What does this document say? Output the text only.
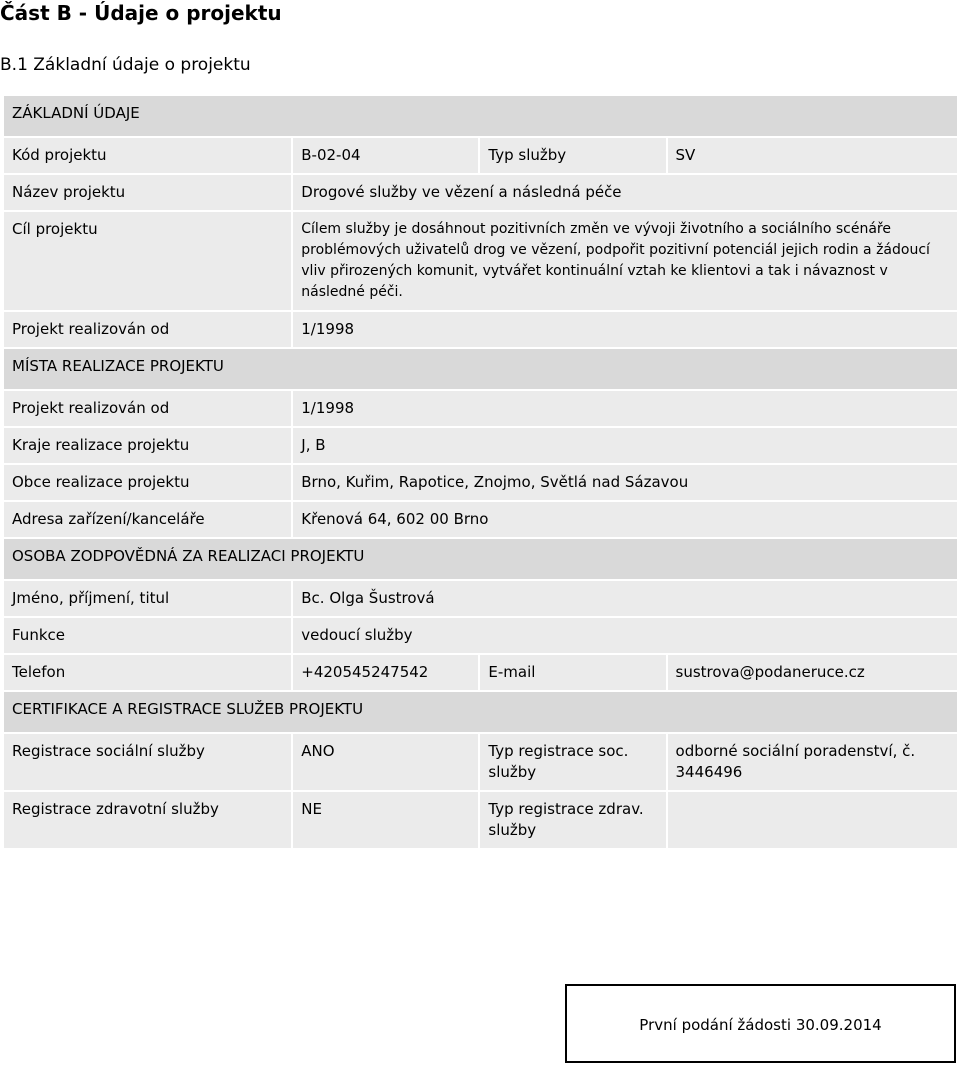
Část B - Údaje o projektu
B.1 Základní údaje o projektu
ZÁKLADNÍ ÚDAJE			
Kód projektu	B-02-04	Typ služby	SV
Název projektu	Drogové služby ve vězení a následná péče		
Cíl projektu	Cílem služby je dosáhnout pozitivních změn ve vývoji životního a sociálního scénáře problémových uživatelů drog ve vězení, podpořit pozitivní potenciál jejich rodin a žádoucí vliv přirozených komunit, vytvářet kontinuální vztah ke klientovi a tak i návaznost v následné péči.		
Projekt realizován od	1/1998		
MÍSTA REALIZACE PROJEKTU			
Projekt realizován od	1/1998		
Kraje realizace projektu	J, B		
Obce realizace projektu	Brno, Kuřim, Rapotice, Znojmo, Světlá nad Sázavou		
Adresa zařízení/kanceláře	Křenová 64, 602 00 Brno		
OSOBA ZODPOVĚDNÁ ZA REALIZACI PROJEKTU			
Jméno, příjmení, titul	Bc. Olga Šustrová		
Funkce	vedoucí služby		
Telefon	+420545247542	E-mail	sustrova@podaneruce.cz
CERTIFIKACE A REGISTRACE SLUŽEB PROJEKTU			
Registrace sociální služby	ANO	Typ registrace soc. služby	odborné sociální poradenství, č. 3446496
Registrace zdravotní služby	NE	Typ registrace zdrav. služby	
První podání žádosti 30.09.2014
